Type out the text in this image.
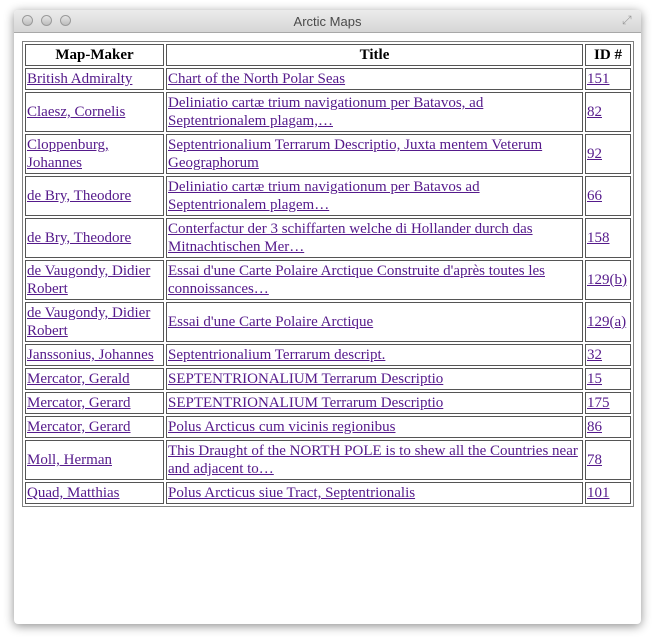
Arctic Maps	⤢
Map-Maker	Title	ID #
British Admiralty	Chart of the North Polar Seas	151
Claesz, Cornelis	Deliniatio cartæ trium navigationum per Batavos, ad Septentrionalem plagam,…	82
Cloppenburg, Johannes	Septentrionalium Terrarum Descriptio, Juxta mentem Veterum Geographorum	92
de Bry, Theodore	Deliniatio cartæ trium navigationum per Batavos ad Septentrionalem plagem…	66
de Bry, Theodore	Conterfactur der 3 schiffarten welche di Hollander durch das Mitnachtischen Mer…	158
de Vaugondy, Didier Robert	Essai d'une Carte Polaire Arctique Construite d'après toutes les connoissances…	129(b)
de Vaugondy, Didier Robert	Essai d'une Carte Polaire Arctique	129(a)
Janssonius, Johannes	Septentrionalium Terrarum descript.	32
Mercator, Gerald	SEPTENTRIONALIUM Terrarum Descriptio	15
Mercator, Gerard	SEPTENTRIONALIUM Terrarum Descriptio	175
Mercator, Gerard	Polus Arcticus cum vicinis regionibus	86
Moll, Herman	This Draught of the NORTH POLE is to shew all the Countries near and adjacent to…	78
Quad, Matthias	Polus Arcticus siue Tract, Septentrionalis	101
